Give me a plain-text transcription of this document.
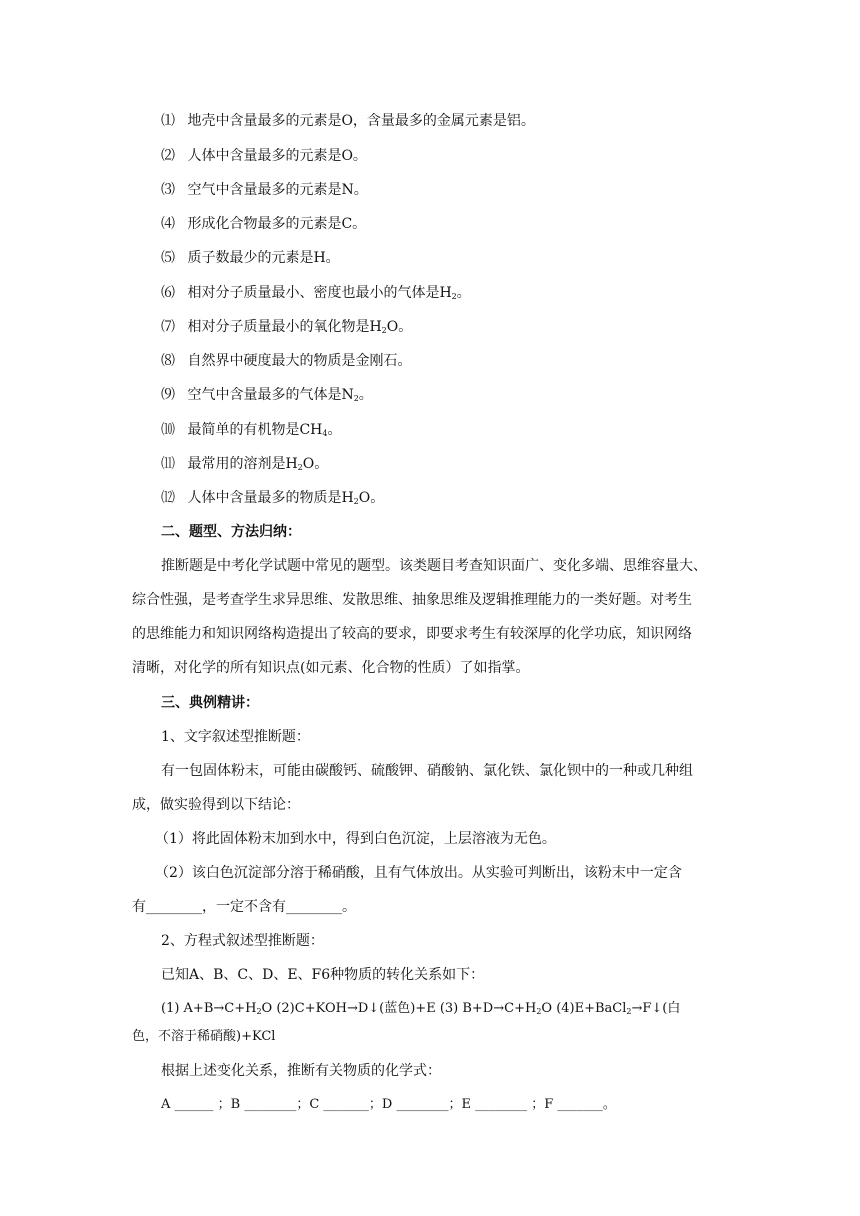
⑴ 地壳中含量最多的元素是O，含量最多的金属元素是铝。
⑵ 人体中含量最多的元素是O。
⑶ 空气中含量最多的元素是N。
⑷ 形成化合物最多的元素是C。
⑸ 质子数最少的元素是H。
⑹ 相对分子质量最小、密度也最小的气体是$H_2$。
⑺ 相对分子质量最小的氧化物是$H_2O$。
⑻ 自然界中硬度最大的物质是金刚石。
⑼ 空气中含量最多的气体是$N_2$。
⑽ 最简单的有机物是$CH_4$。
⑾ 最常用的溶剂是$H_2O$。
⑿ 人体中含量最多的物质是$H_2O$。
二、题型、方法归纳：
推断题是中考化学试题中常见的题型。该类题目考查知识面广、变化多端、思维容量大、
综合性强，是考查学生求异思维、发散思维、抽象思维及逻辑推理能力的一类好题。对考生
的思维能力和知识网络构造提出了较高的要求，即要求考生有较深厚的化学功底，知识网络
清晰，对化学的所有知识点(如元素、化合物的性质）了如指掌。
三、典例精讲：
1、文字叙述型推断题：
有一包固体粉末，可能由碳酸钙、硫酸钾、硝酸钠、氯化铁、氯化钡中的一种或几种组
成，做实验得到以下结论：
（1）将此固体粉末加到水中，得到白色沉淀，上层溶液为无色。
（2）该白色沉淀部分溶于稀硝酸，且有气体放出。从实验可判断出，该粉末中一定含
有________，一定不含有________。
2、方程式叙述型推断题：
已知A、B、C、D、E、F6种物质的转化关系如下：
(1) $A+B\to C+H_2O$ (2)C+KOH→D↓(蓝色)+E (3) $B+D\to C+H_2O$ (4)E+BaCl$_2$→F↓(白
色，不溶于稀硝酸)+KCl
根据上述变化关系，推断有关物质的化学式：
A ______ ；B ________；C _______；D ________；E ________ ；F _______。
